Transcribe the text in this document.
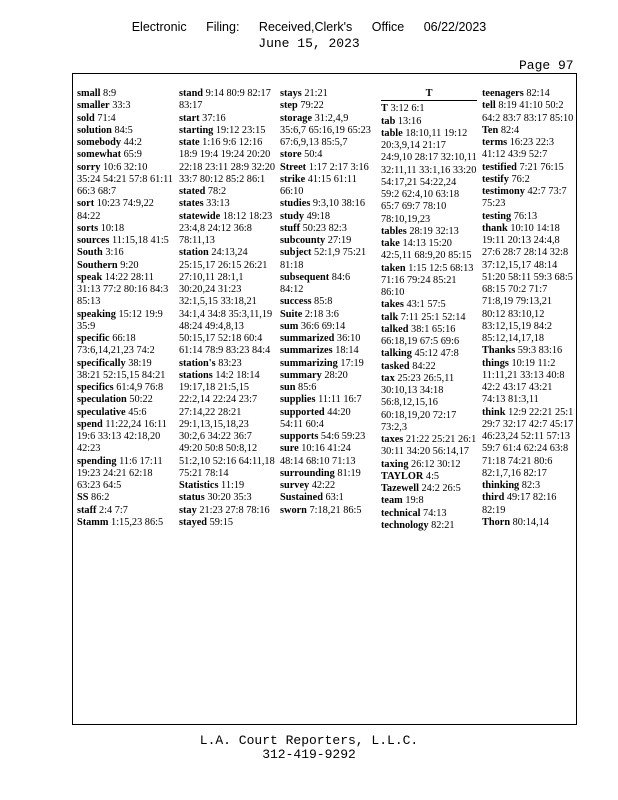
Electronic Filing: Received,Clerk's Office 06/22/2023
June 15, 2023
Page 97
small 8:9
smaller 33:3
sold 71:4
solution 84:5
somebody 44:2
somewhat 65:9
sorry 10:6 32:10 35:24 54:21 57:8 61:11 66:3 68:7
sort 10:23 74:9,22 84:22
sorts 10:18
sources 11:15,18 41:5
South 3:16
Southern 9:20
speak 14:22 28:11 31:13 77:2 80:16 84:3 85:13
speaking 15:12 19:9 35:9
specific 66:18 73:6,14,21,23 74:2
specifically 38:19 38:21 52:15,15 84:21
specifics 61:4,9 76:8
speculation 50:22
speculative 45:6
spend 11:22,24 16:11 19:6 33:13 42:18,20 42:23
spending 11:6 17:11 19:23 24:21 62:18 63:23 64:5
SS 86:2
staff 2:4 7:7
Stamm 1:15,23 86:5
stand 9:14 80:9 82:17 83:17
start 37:16
starting 19:12 23:15
state 1:16 9:6 12:16 18:9 19:4 19:24 20:20 22:18 23:11 28:9 32:20 33:7 80:12 85:2 86:1
stated 78:2
states 33:13
statewide 18:12 18:23 23:4,8 24:12 36:8 78:11,13
station 24:13,24 25:15,17 26:15 26:21 27:10,11 28:1,1 30:20,24 31:23 32:1,5,15 33:18,21 34:1,4 34:8 35:3,11,19 48:24 49:4,8,13 50:15,17 52:18 60:4 61:14 78:9 83:23 84:4
station's 83:23
stations 14:2 18:14 19:17,18 21:5,15 22:2,14 22:24 23:7 27:14,22 28:21 29:1,13,15,18,23 30:2,6 34:22 36:7 49:20 50:8 50:8,12 51:2,10 52:16 64:11,18 75:21 78:14
Statistics 11:19
status 30:20 35:3
stay 21:23 27:8 78:16
stayed 59:15
stays 21:21
step 79:22
storage 31:2,4,9 35:6,7 65:16,19 65:23 67:6,9,13 85:5,7
store 50:4
Street 1:17 2:17 3:16
strike 41:15 61:11 66:10
studies 9:3,10 38:16
study 49:18
stuff 50:23 82:3
subcounty 27:19
subject 52:1,9 75:21 81:18
subsequent 84:6 84:12
success 85:8
Suite 2:18 3:6
sum 36:6 69:14
summarized 36:10
summarizes 18:14
summarizing 17:19
summary 28:20
sun 85:6
supplies 11:11 16:7
supported 44:20 54:11 60:4
supports 54:6 59:23
sure 10:16 41:24 48:14 68:10 71:13
surrounding 81:19
survey 42:22
Sustained 63:1
sworn 7:18,21 86:5
T
T 3:12 6:1
tab 13:16
table 18:10,11 19:12 20:3,9,14 21:17 24:9,10 28:17 32:10,11 32:11,11 33:1,16 33:20 54:17,21 54:22,24 59:2 62:4,10 63:18 65:7 69:7 78:10 78:10,19,23
tables 28:19 32:13
take 14:13 15:20 42:5,11 68:9,20 85:15
taken 1:15 12:5 68:13 71:16 79:24 85:21 86:10
takes 43:1 57:5
talk 7:11 25:1 52:14
talked 38:1 65:16 66:18,19 67:5 69:6
talking 45:12 47:8
tasked 84:22
tax 25:23 26:5,11 30:10,13 34:18 56:8,12,15,16 60:18,19,20 72:17 73:2,3
taxes 21:22 25:21 26:1 30:11 34:20 56:14,17
taxing 26:12 30:12
TAYLOR 4:5
Tazewell 24:2 26:5
team 19:8
technical 74:13
technology 82:21
teenagers 82:14
tell 8:19 41:10 50:2 64:2 83:7 83:17 85:10
Ten 82:4
terms 16:23 22:3 41:12 43:9 52:7
testified 7:21 76:15
testify 76:2
testimony 42:7 73:7 75:23
testing 76:13
thank 10:10 14:18 19:11 20:13 24:4,8 27:6 28:7 28:14 32:8 37:12,15,17 48:14 51:20 58:11 59:3 68:5 68:15 70:2 71:7 71:8,19 79:13,21 80:12 83:10,12 83:12,15,19 84:2 85:12,14,17,18
Thanks 59:3 83:16
things 10:19 11:2 11:11,21 33:13 40:8 42:2 43:17 43:21 74:13 81:3,11
think 12:9 22:21 25:1 29:7 32:17 42:7 45:17 46:23,24 52:11 57:13 59:7 61:4 62:24 63:8 71:18 74:21 80:6 82:1,7,16 82:17
thinking 82:3
third 49:17 82:16 82:19
Thorn 80:14,14
L.A. Court Reporters, L.L.C.
312-419-9292
